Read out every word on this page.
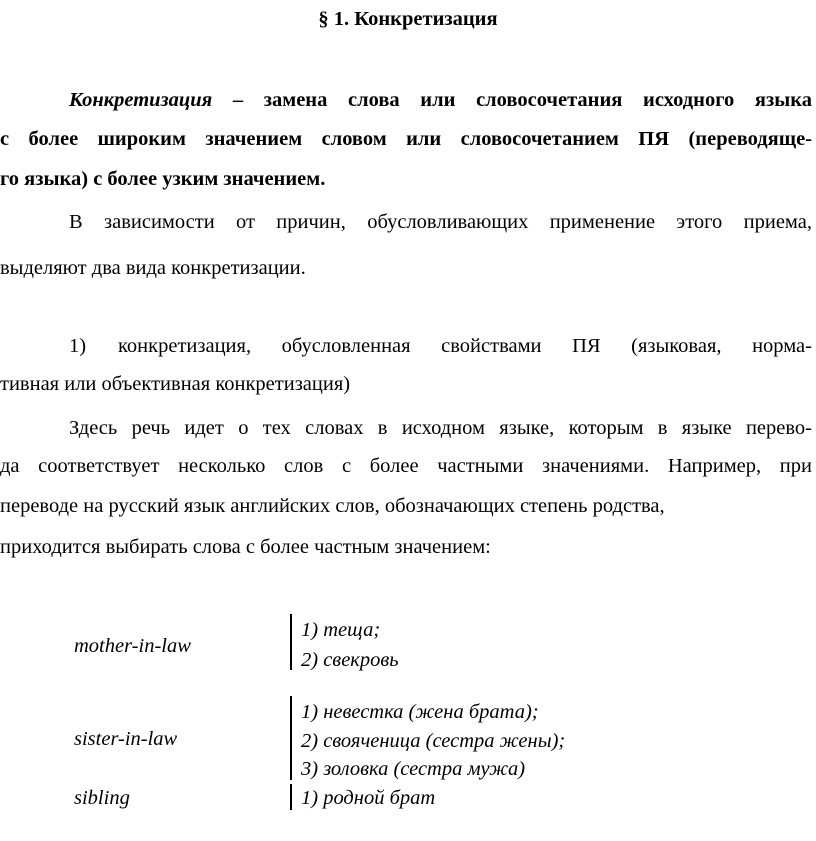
§ 1. Конкретизация
Конкретизация – замена слова или словосочетания исходного языка
с более широким значением словом или словосочетанием ПЯ (переводяще-
го языка) с более узким значением.
В зависимости от причин, обусловливающих применение этого приема,
выделяют два вида конкретизации.
1) конкретизация, обусловленная свойствами ПЯ (языковая, норма-
тивная или объективная конкретизация)
Здесь речь идет о тех словах в исходном языке, которым в языке перево-
да соответствует несколько слов с более частными значениями. Например, при
переводе на русский язык английских слов, обозначающих степень родства,
приходится выбирать слова с более частным значением:
mother-in-law
1) теща;
2) свекровь
sister-in-law
1) невестка (жена брата);
2) свояченица (сестра жены);
3) золовка (сестра мужа)
sibling	1) родной брат
